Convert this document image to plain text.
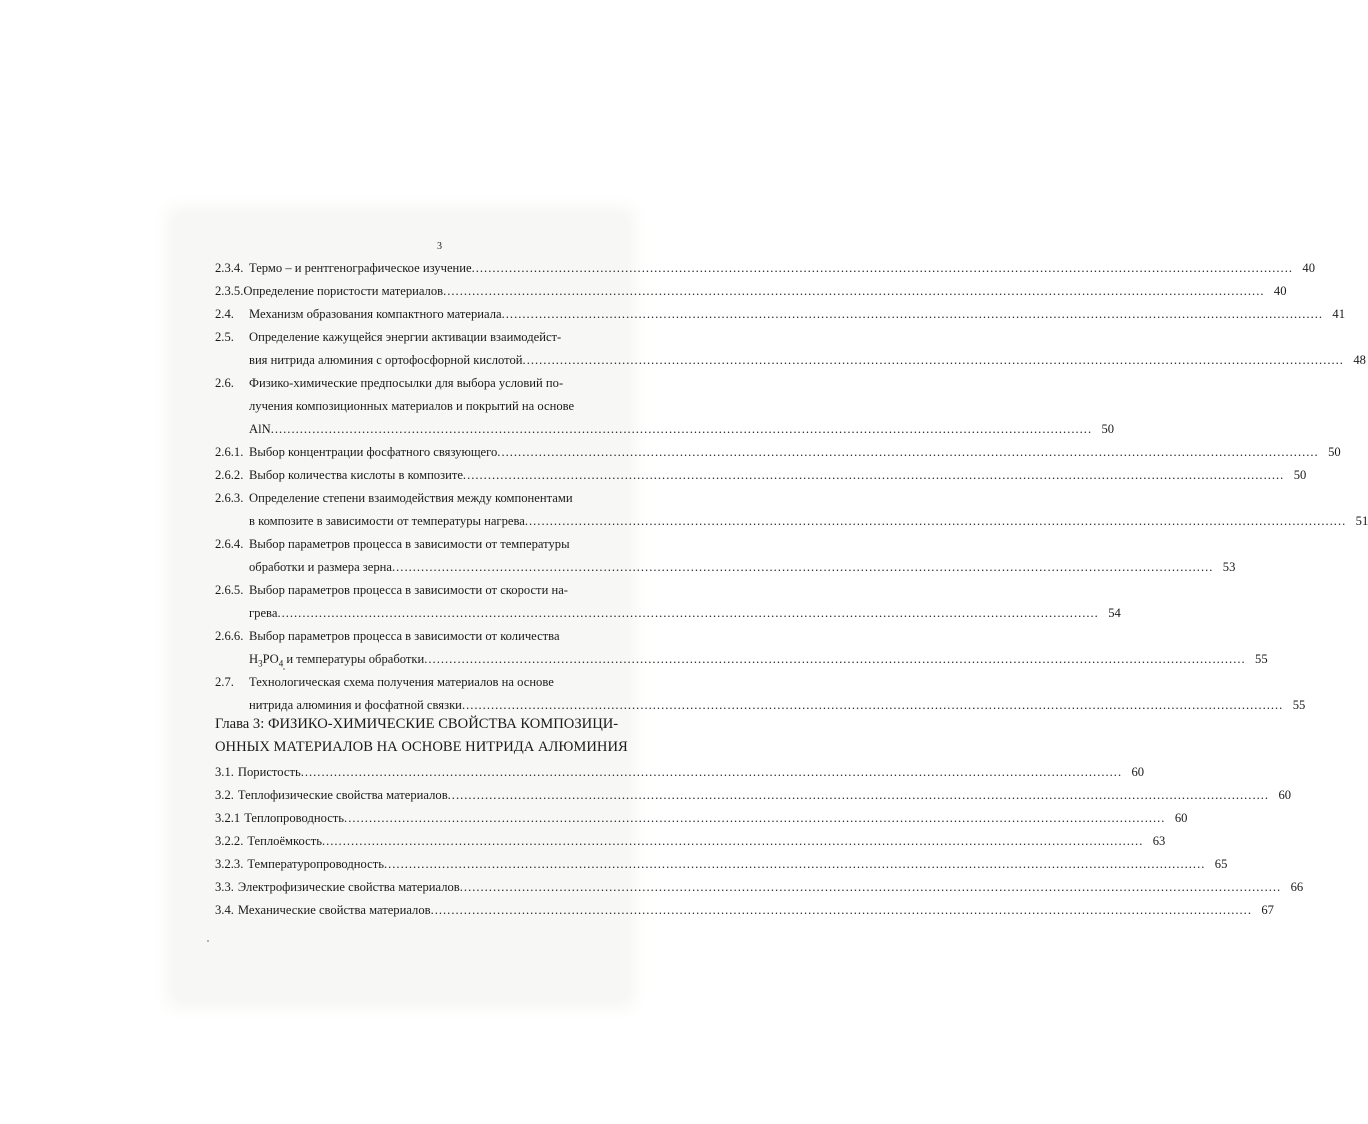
3
2.3.4. Термо – и рентгенографическое изучение .....	40
2.3.5. Определение пористости материалов .....	40
2.4.	Механизм образования компактного материала .....	41
2.5.	Определение кажущейся энергии активации взаимодейст-
вия нитрида алюминия с ортофосфорной кислотой .....	48
2.6.	Физико-химические предпосылки для выбора условий по-
лучения композиционных материалов и покрытий на основе
AlN .....	50
2.6.1. Выбор концентрации фосфатного связующего .....	50
2.6.2. Выбор количества кислоты в композите .....	50
2.6.3. Определение степени взаимодействия между компонентами
в композите в зависимости от температуры нагрева .....	51
2.6.4. Выбор параметров процесса в зависимости от температуры
обработки и размера зерна .....	53
2.6.5. Выбор параметров процесса в зависимости от скорости на-
грева .....	54
2.6.6. Выбор параметров процесса в зависимости от количества
$H_3PO_4$ и температуры обработки .....	55
2.7.	Технологическая схема получения материалов на основе
нитрида алюминия и фосфатной связки .....	55
Глава 3: ФИЗИКО-ХИМИЧЕСКИЕ СВОЙСТВА КОМПОЗИЦИ-
ОННЫХ МАТЕРИАЛОВ НА ОСНОВЕ НИТРИДА АЛЮМИНИЯ
3.1. Пористость .....	60
3.2. Теплофизические свойства материалов .....	60
3.2.1 Теплопроводность .....	60
3.2.2. Теплоёмкость .....	63
3.2.3. Температуропроводность .....	65
3.3. Электрофизические свойства материалов .....	66
3.4. Механические свойства материалов .....	67
